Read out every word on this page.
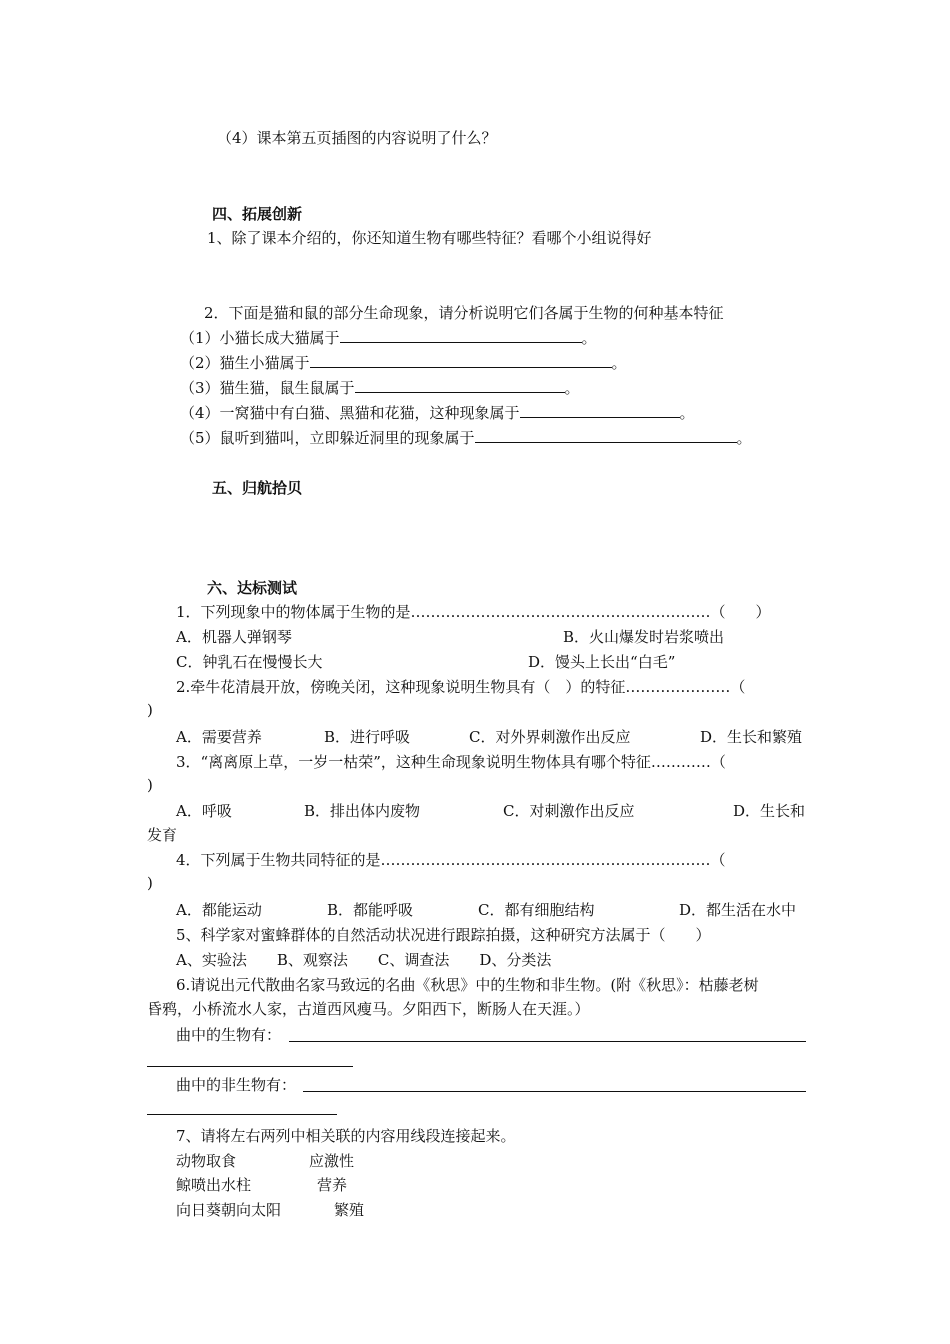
（4）课本第五页插图的内容说明了什么？
四、拓展创新
1、除了课本介绍的，你还知道生物有哪些特征？看哪个小组说得好
2．下面是猫和鼠的部分生命现象，请分析说明它们各属于生物的何种基本特征
（1）小猫长成大猫属于	。
（2）猫生小猫属于	。
（3）猫生猫，鼠生鼠属于	。
（4）一窝猫中有白猫、黑猫和花猫，这种现象属于	。
（5）鼠听到猫叫，立即躲近洞里的现象属于	。
五、归航拾贝
六、达标测试
1．下列现象中的物体属于生物的是……………………………………………………（　　）
A．机器人弹钢琴	B．火山爆发时岩浆喷出
C．钟乳石在慢慢长大	D．馒头上长出“白毛”
2.牵牛花清晨开放，傍晚关闭，这种现象说明生物具有（　）的特征…………………（
)
A．需要营养	B．进行呼吸	C．对外界刺激作出反应	D．生长和繁殖
3．“离离原上草，一岁一枯荣”，这种生命现象说明生物体具有哪个特征…………（
)
A．呼吸	B．排出体内废物	C．对刺激作出反应	D．生长和
发育
4．下列属于生物共同特征的是…………………………………………………………（
)
A．都能运动	B．都能呼吸	C．都有细胞结构	D．都生活在水中
5、科学家对蜜蜂群体的自然活动状况进行跟踪拍摄，这种研究方法属于（　　）
A、实验法　　B、观察法　　C、调查法　　D、分类法
6.请说出元代散曲名家马致远的名曲《秋思》中的生物和非生物。(附《秋思》：枯藤老树
昏鸦，小桥流水人家，古道西风瘦马。夕阳西下，断肠人在天涯。）
曲中的生物有：
曲中的非生物有：
7、请将左右两列中相关联的内容用线段连接起来。
动物取食	应激性
鲸喷出水柱	营养
向日葵朝向太阳	繁殖
